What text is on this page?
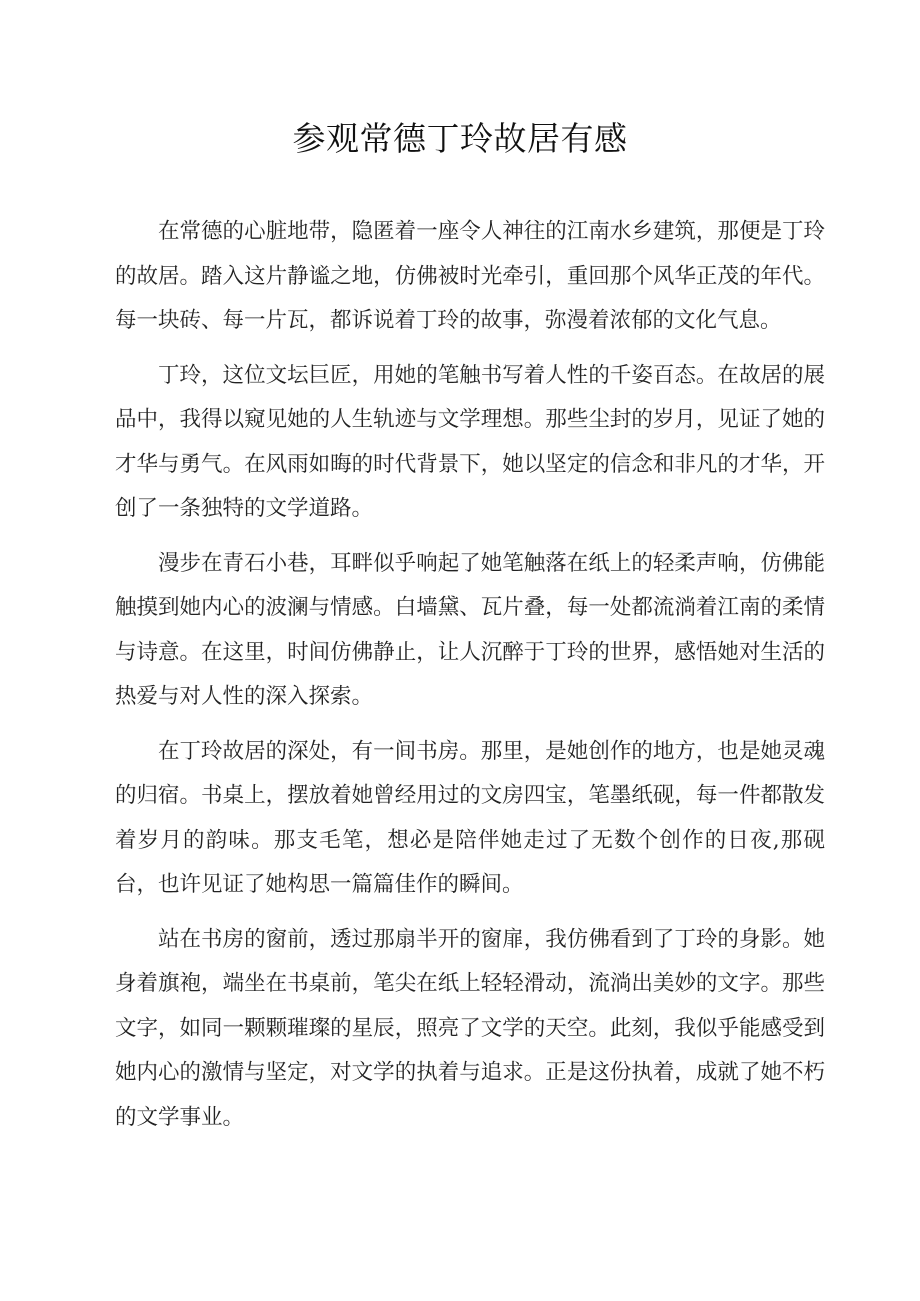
参观常德丁玲故居有感

在常德的心脏地带，隐匿着一座令人神往的江南水乡建筑，那便是丁玲的故居。踏入这片静谧之地，仿佛被时光牵引，重回那个风华正茂的年代。每一块砖、每一片瓦，都诉说着丁玲的故事，弥漫着浓郁的文化气息。

丁玲，这位文坛巨匠，用她的笔触书写着人性的千姿百态。在故居的展品中，我得以窥见她的人生轨迹与文学理想。那些尘封的岁月，见证了她的才华与勇气。在风雨如晦的时代背景下，她以坚定的信念和非凡的才华，开创了一条独特的文学道路。

漫步在青石小巷，耳畔似乎响起了她笔触落在纸上的轻柔声响，仿佛能触摸到她内心的波澜与情感。白墙黛、瓦片叠，每一处都流淌着江南的柔情与诗意。在这里，时间仿佛静止，让人沉醉于丁玲的世界，感悟她对生活的热爱与对人性的深入探索。

在丁玲故居的深处，有一间书房。那里，是她创作的地方，也是她灵魂的归宿。书桌上，摆放着她曾经用过的文房四宝，笔墨纸砚，每一件都散发着岁月的韵味。那支毛笔，想必是陪伴她走过了无数个创作的日夜,那砚台，也许见证了她构思一篇篇佳作的瞬间。

站在书房的窗前，透过那扇半开的窗扉，我仿佛看到了丁玲的身影。她身着旗袍，端坐在书桌前，笔尖在纸上轻轻滑动，流淌出美妙的文字。那些文字，如同一颗颗璀璨的星辰，照亮了文学的天空。此刻，我似乎能感受到她内心的激情与坚定，对文学的执着与追求。正是这份执着，成就了她不朽的文学事业。
